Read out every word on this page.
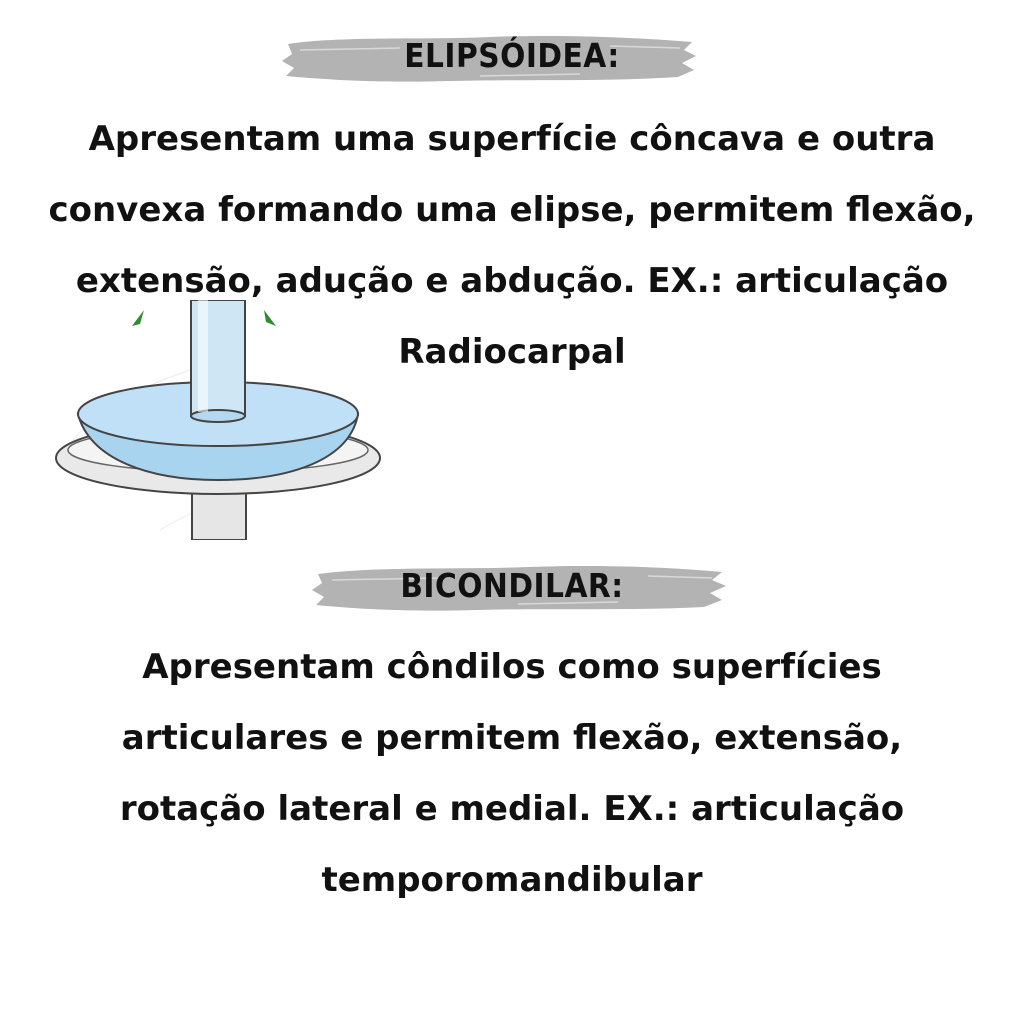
ELIPSÓIDEA:
Apresentam uma superfície côncava e outra
convexa formando uma elipse, permitem flexão,
extensão, adução e abdução. EX.: articulação
Radiocarpal
BICONDILAR:
Apresentam côndilos como superfícies
articulares e permitem flexão, extensão,
rotação lateral e medial. EX.: articulação
temporomandibular
